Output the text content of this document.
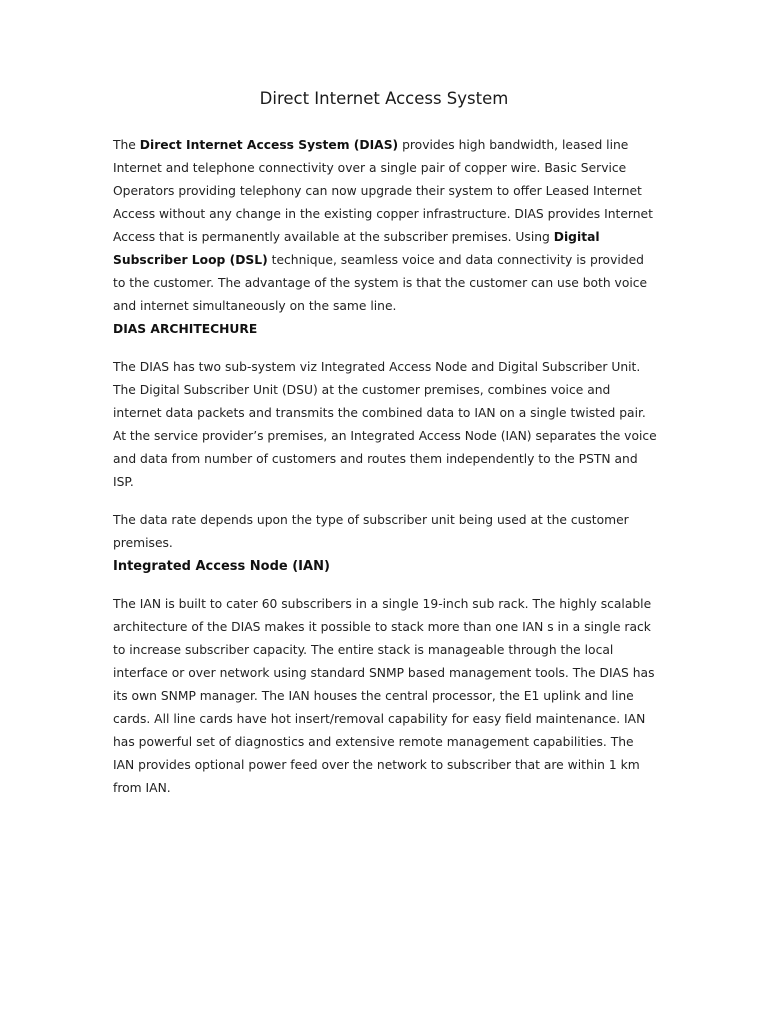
Direct Internet Access System

The Direct Internet Access System (DIAS) provides high bandwidth, leased line Internet and telephone connectivity over a single pair of copper wire. Basic Service Operators providing telephony can now upgrade their system to offer Leased Internet Access without any change in the existing copper infrastructure. DIAS provides Internet Access that is permanently available at the subscriber premises. Using Digital Subscriber Loop (DSL) technique, seamless voice and data connectivity is provided to the customer. The advantage of the system is that the customer can use both voice and internet simultaneously on the same line.

DIAS ARCHITECHURE

The DIAS has two sub-system viz Integrated Access Node and Digital Subscriber Unit. The Digital Subscriber Unit (DSU) at the customer premises, combines voice and internet data packets and transmits the combined data to IAN on a single twisted pair. At the service provider’s premises, an Integrated Access Node (IAN) separates the voice and data from number of customers and routes them independently to the PSTN and ISP.

The data rate depends upon the type of subscriber unit being used at the customer premises.

Integrated Access Node (IAN)

The IAN is built to cater 60 subscribers in a single 19-inch sub rack. The highly scalable architecture of the DIAS makes it possible to stack more than one IAN s in a single rack to increase subscriber capacity. The entire stack is manageable through the local interface or over network using standard SNMP based management tools. The DIAS has its own SNMP manager. The IAN houses the central processor, the E1 uplink and line cards. All line cards have hot insert/removal capability for easy field maintenance. IAN has powerful set of diagnostics and extensive remote management capabilities. The IAN provides optional power feed over the network to subscriber that are within 1 km from IAN.
